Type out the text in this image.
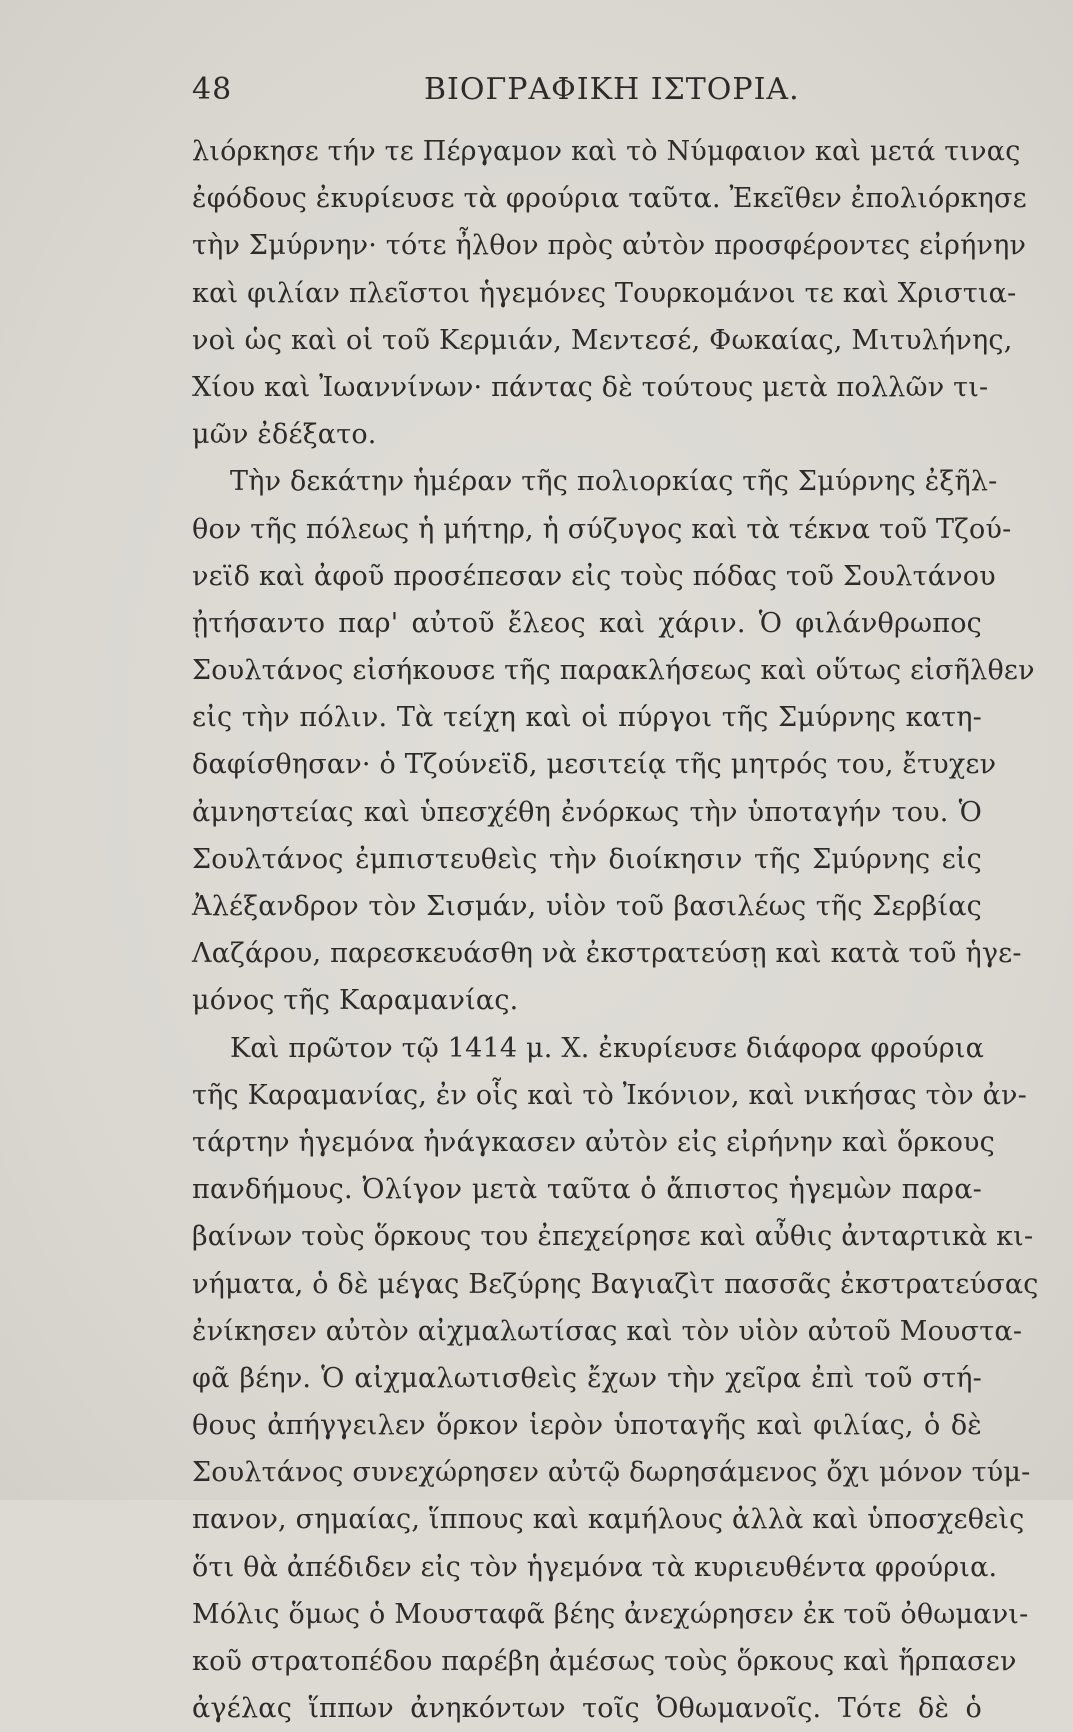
48	ΒΙΟΓΡΑΦΙΚΗ ΙΣΤΟΡΙΑ.
λιόρκησε τήν τε Πέργαμον καὶ τὸ Νύμφαιον καὶ μετά τινας
ἐφόδους ἐκυρίευσε τὰ φρούρια ταῦτα. Ἐκεῖθεν ἐπολιόρκησε
τὴν Σμύρνην· τότε ἦλθον πρὸς αὐτὸν προσφέροντες εἰρήνην
καὶ φιλίαν πλεῖστοι ἡγεμόνες Τουρκομάνοι τε καὶ Χριστια-
νοὶ ὡς καὶ οἱ τοῦ Κερμιάν, Μεντεσέ, Φωκαίας, Μιτυλήνης,
Χίου καὶ Ἰωαννίνων· πάντας δὲ τούτους μετὰ πολλῶν τι-
μῶν ἐδέξατο.
Τὴν δεκάτην ἡμέραν τῆς πολιορκίας τῆς Σμύρνης ἐξῆλ-
θον τῆς πόλεως ἡ μήτηρ, ἡ σύζυγος καὶ τὰ τέκνα τοῦ Τζού-
νεϊδ καὶ ἀφοῦ προσέπεσαν εἰς τοὺς πόδας τοῦ Σουλτάνου
ᾐτήσαντο παρ' αὐτοῦ ἔλεος καὶ χάριν. Ὁ φιλάνθρωπος
Σουλτάνος εἰσήκουσε τῆς παρακλήσεως καὶ οὕτως εἰσῆλθεν
εἰς τὴν πόλιν. Τὰ τείχη καὶ οἱ πύργοι τῆς Σμύρνης κατη-
δαφίσθησαν· ὁ Τζούνεϊδ, μεσιτείᾳ τῆς μητρός του, ἔτυχεν
ἀμνηστείας καὶ ὑπεσχέθη ἐνόρκως τὴν ὑποταγήν του. Ὁ
Σουλτάνος ἐμπιστευθεὶς τὴν διοίκησιν τῆς Σμύρνης εἰς
Ἀλέξανδρον τὸν Σισμάν, υἱὸν τοῦ βασιλέως τῆς Σερβίας
Λαζάρου, παρεσκευάσθη νὰ ἐκστρατεύσῃ καὶ κατὰ τοῦ ἡγε-
μόνος τῆς Καραμανίας.
Καὶ πρῶτον τῷ 1414 μ. Χ. ἐκυρίευσε διάφορα φρούρια
τῆς Καραμανίας, ἐν οἷς καὶ τὸ Ἰκόνιον, καὶ νικήσας τὸν ἀν-
τάρτην ἡγεμόνα ἠνάγκασεν αὐτὸν εἰς εἰρήνην καὶ ὅρκους
πανδήμους. Ὀλίγον μετὰ ταῦτα ὁ ἄπιστος ἡγεμὼν παρα-
βαίνων τοὺς ὅρκους του ἐπεχείρησε καὶ αὖθις ἀνταρτικὰ κι-
νήματα, ὁ δὲ μέγας Βεζύρης Βαγιαζὶτ πασσᾶς ἐκστρατεύσας
ἐνίκησεν αὐτὸν αἰχμαλωτίσας καὶ τὸν υἱὸν αὐτοῦ Μουστα-
φᾶ βέην. Ὁ αἰχμαλωτισθεὶς ἔχων τὴν χεῖρα ἐπὶ τοῦ στή-
θους ἀπήγγειλεν ὅρκον ἱερὸν ὑποταγῆς καὶ φιλίας, ὁ δὲ
Σουλτάνος συνεχώρησεν αὐτῷ δωρησάμενος ὄχι μόνον τύμ-
πανον, σημαίας, ἵππους καὶ καμήλους ἀλλὰ καὶ ὑποσχεθεὶς
ὅτι θὰ ἀπέδιδεν εἰς τὸν ἡγεμόνα τὰ κυριευθέντα φρούρια.
Μόλις ὅμως ὁ Μουσταφᾶ βέης ἀνεχώρησεν ἐκ τοῦ ὀθωμανι-
κοῦ στρατοπέδου παρέβη ἀμέσως τοὺς ὅρκους καὶ ἥρπασεν
ἀγέλας ἵππων ἀνηκόντων τοῖς Ὀθωμανοῖς. Τότε δὲ ὁ
